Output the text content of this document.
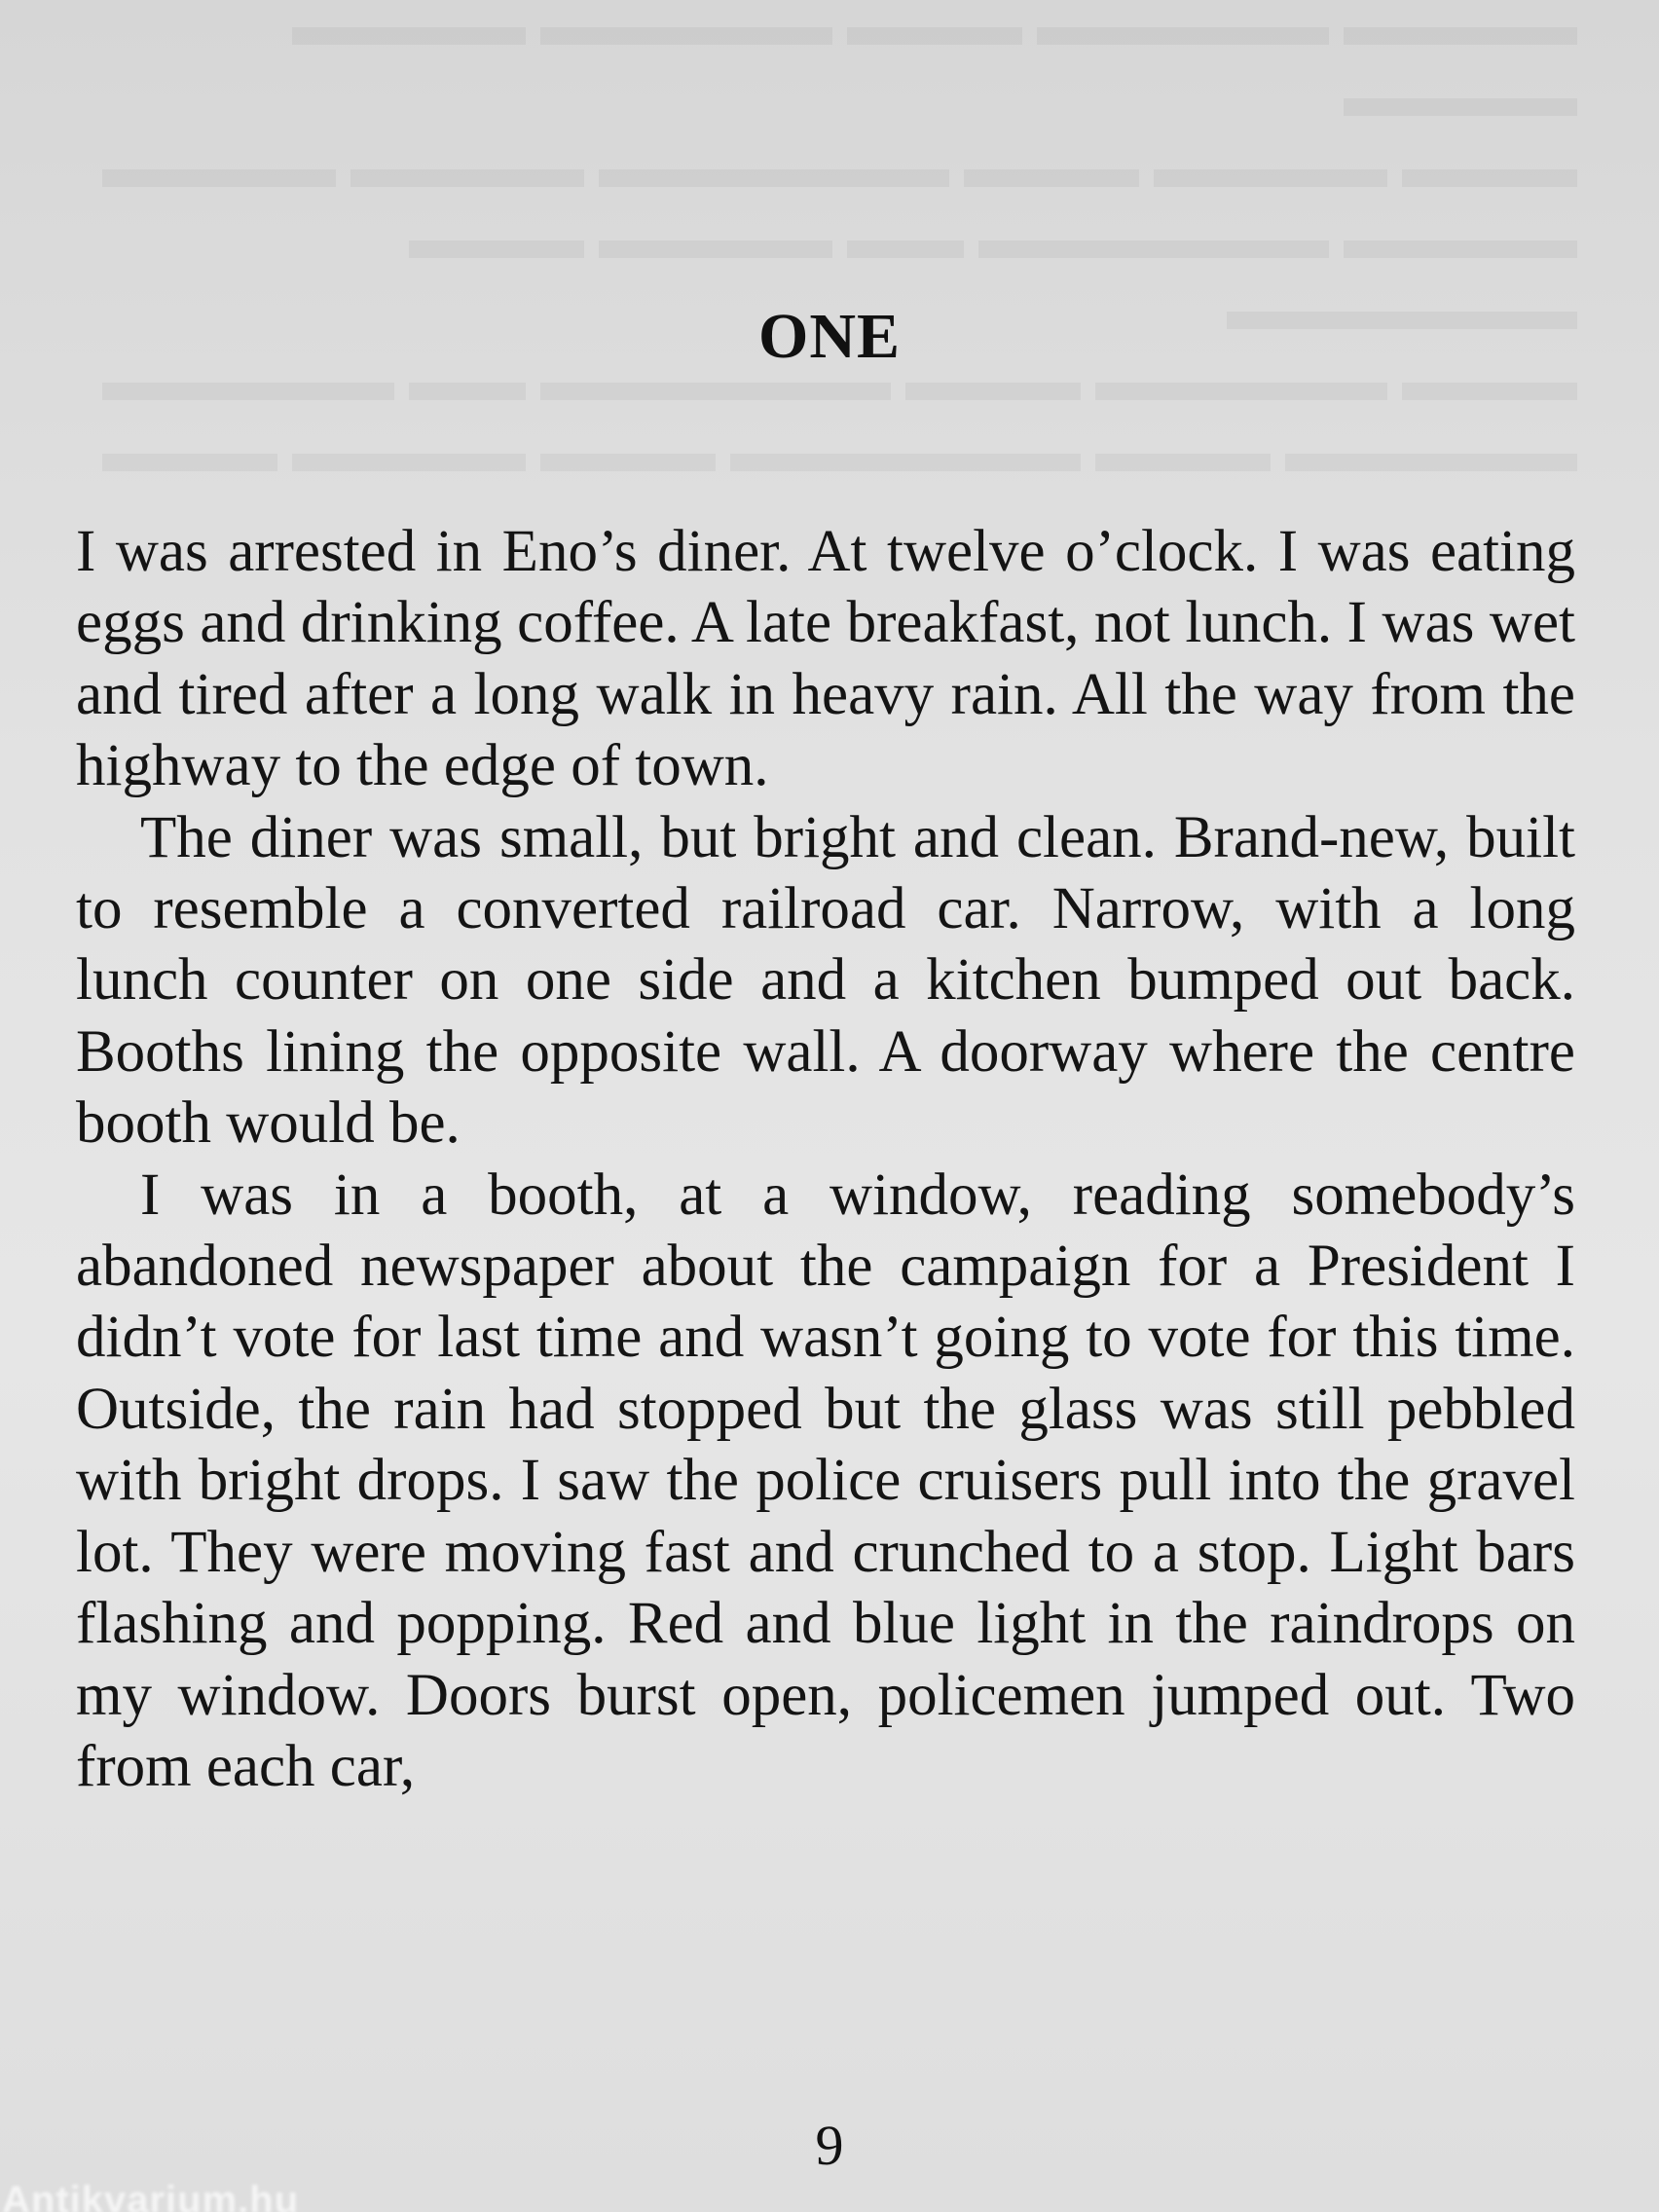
ONE

I was arrested in Eno’s diner. At twelve o’clock. I was eating eggs and drinking coffee. A late breakfast, not lunch. I was wet and tired after a long walk in heavy rain. All the way from the highway to the edge of town.

The diner was small, but bright and clean. Brand-new, built to resemble a converted railroad car. Narrow, with a long lunch counter on one side and a kitchen bumped out back. Booths lining the opposite wall. A doorway where the centre booth would be.

I was in a booth, at a window, reading somebody’s abandoned newspaper about the campaign for a President I didn’t vote for last time and wasn’t going to vote for this time. Outside, the rain had stopped but the glass was still pebbled with bright drops. I saw the police cruisers pull into the gravel lot. They were moving fast and crunched to a stop. Light bars flashing and popping. Red and blue light in the raindrops on my window. Doors burst open, policemen jumped out. Two from each car,

9
Antikvarium.hu
